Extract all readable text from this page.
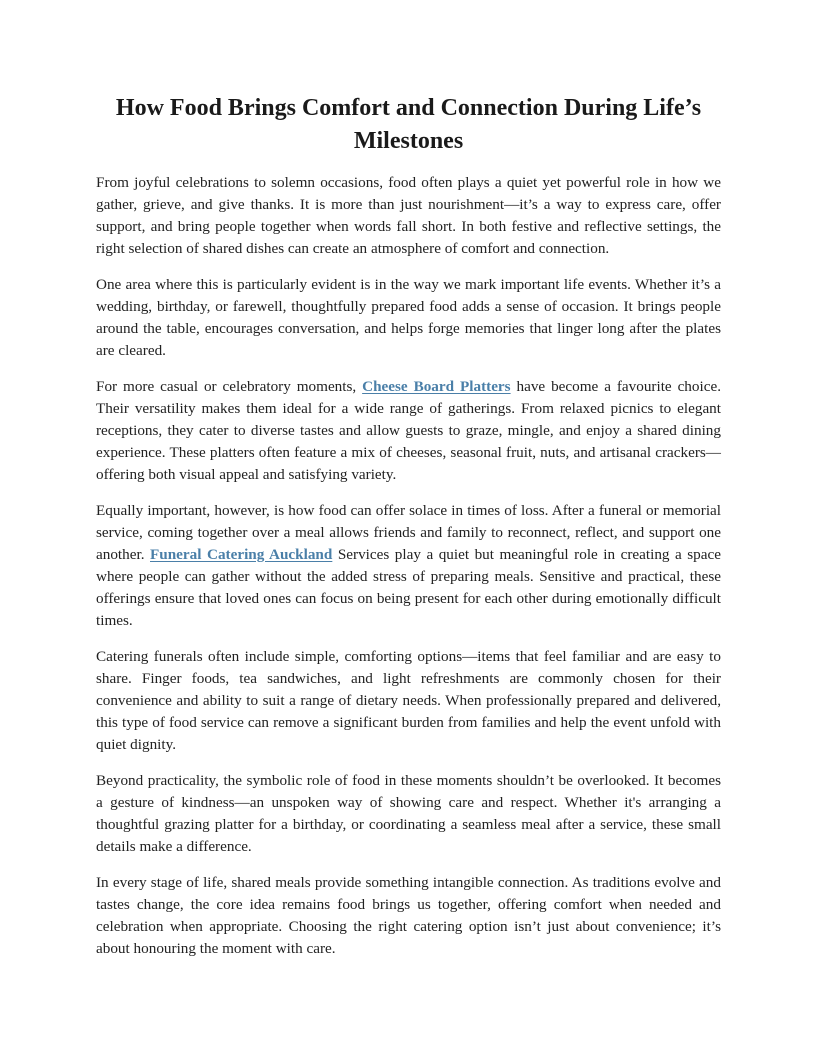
How Food Brings Comfort and Connection During Life’s Milestones

From joyful celebrations to solemn occasions, food often plays a quiet yet powerful role in how we gather, grieve, and give thanks. It is more than just nourishment—it’s a way to express care, offer support, and bring people together when words fall short. In both festive and reflective settings, the right selection of shared dishes can create an atmosphere of comfort and connection.

One area where this is particularly evident is in the way we mark important life events. Whether it’s a wedding, birthday, or farewell, thoughtfully prepared food adds a sense of occasion. It brings people around the table, encourages conversation, and helps forge memories that linger long after the plates are cleared.

For more casual or celebratory moments, Cheese Board Platters have become a favourite choice. Their versatility makes them ideal for a wide range of gatherings. From relaxed picnics to elegant receptions, they cater to diverse tastes and allow guests to graze, mingle, and enjoy a shared dining experience. These platters often feature a mix of cheeses, seasonal fruit, nuts, and artisanal crackers—offering both visual appeal and satisfying variety.

Equally important, however, is how food can offer solace in times of loss. After a funeral or memorial service, coming together over a meal allows friends and family to reconnect, reflect, and support one another. Funeral Catering Auckland Services play a quiet but meaningful role in creating a space where people can gather without the added stress of preparing meals. Sensitive and practical, these offerings ensure that loved ones can focus on being present for each other during emotionally difficult times.

Catering funerals often include simple, comforting options—items that feel familiar and are easy to share. Finger foods, tea sandwiches, and light refreshments are commonly chosen for their convenience and ability to suit a range of dietary needs. When professionally prepared and delivered, this type of food service can remove a significant burden from families and help the event unfold with quiet dignity.

Beyond practicality, the symbolic role of food in these moments shouldn’t be overlooked. It becomes a gesture of kindness—an unspoken way of showing care and respect. Whether it's arranging a thoughtful grazing platter for a birthday, or coordinating a seamless meal after a service, these small details make a difference.

In every stage of life, shared meals provide something intangible connection. As traditions evolve and tastes change, the core idea remains food brings us together, offering comfort when needed and celebration when appropriate. Choosing the right catering option isn’t just about convenience; it’s about honouring the moment with care.
